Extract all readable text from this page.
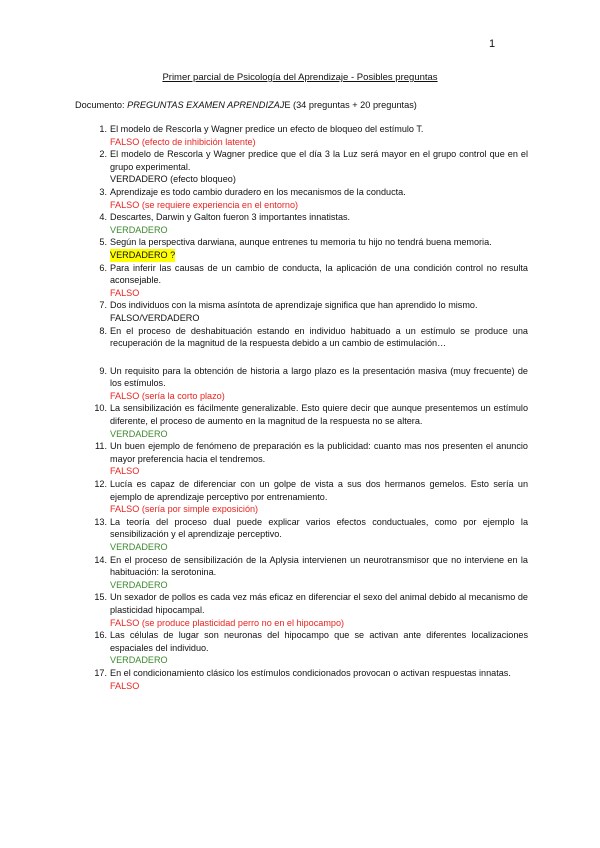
1
Primer parcial de Psicología del Aprendizaje - Posibles preguntas
Documento: PREGUNTAS EXAMEN APRENDIZAJE (34 preguntas + 20 preguntas)
1. El modelo de Rescorla y Wagner predice un efecto de bloqueo del estímulo T.
FALSO (efecto de inhibición latente)
2. El modelo de Rescorla y Wagner predice que el día 3 la Luz será mayor en el grupo control que en el grupo experimental.
VERDADERO (efecto bloqueo)
3. Aprendizaje es todo cambio duradero en los mecanismos de la conducta.
FALSO (se requiere experiencia en el entorno)
4. Descartes, Darwin y Galton fueron 3 importantes innatistas.
VERDADERO
5. Según la perspectiva darwiana, aunque entrenes tu memoria tu hijo no tendrá buena memoria.
VERDADERO ?
6. Para inferir las causas de un cambio de conducta, la aplicación de una condición control no resulta aconsejable.
FALSO
7. Dos individuos con la misma asíntota de aprendizaje significa que han aprendido lo mismo.
FALSO/VERDADERO
8. En el proceso de deshabituación estando en individuo habituado a un estímulo se produce una recuperación de la magnitud de la respuesta debido a un cambio de estimulación…
9. Un requisito para la obtención de historia a largo plazo es la presentación masiva (muy frecuente) de los estímulos.
FALSO (sería la corto plazo)
10. La sensibilización es fácilmente generalizable. Esto quiere decir que aunque presentemos un estímulo diferente, el proceso de aumento en la magnitud de la respuesta no se altera.
VERDADERO
11. Un buen ejemplo de fenómeno de preparación es la publicidad: cuanto mas nos presenten el anuncio mayor preferencia hacia el tendremos.
FALSO
12. Lucía es capaz de diferenciar con un golpe de vista a sus dos hermanos gemelos. Esto sería un ejemplo de aprendizaje perceptivo por entrenamiento.
FALSO (sería por simple exposición)
13. La teoría del proceso dual puede explicar varios efectos conductuales, como por ejemplo la sensibilización y el aprendizaje perceptivo.
VERDADERO
14. En el proceso de sensibilización de la Aplysia intervienen un neurotransmisor que no interviene en la habituación: la serotonina.
VERDADERO
15. Un sexador de pollos es cada vez más eficaz en diferenciar el sexo del animal debido al mecanismo de plasticidad hipocampal.
FALSO (se produce plasticidad perro no en el hipocampo)
16. Las células de lugar son neuronas del hipocampo que se activan ante diferentes localizaciones espaciales del individuo.
VERDADERO
17. En el condicionamiento clásico los estímulos condicionados provocan o activan respuestas innatas.
FALSO
